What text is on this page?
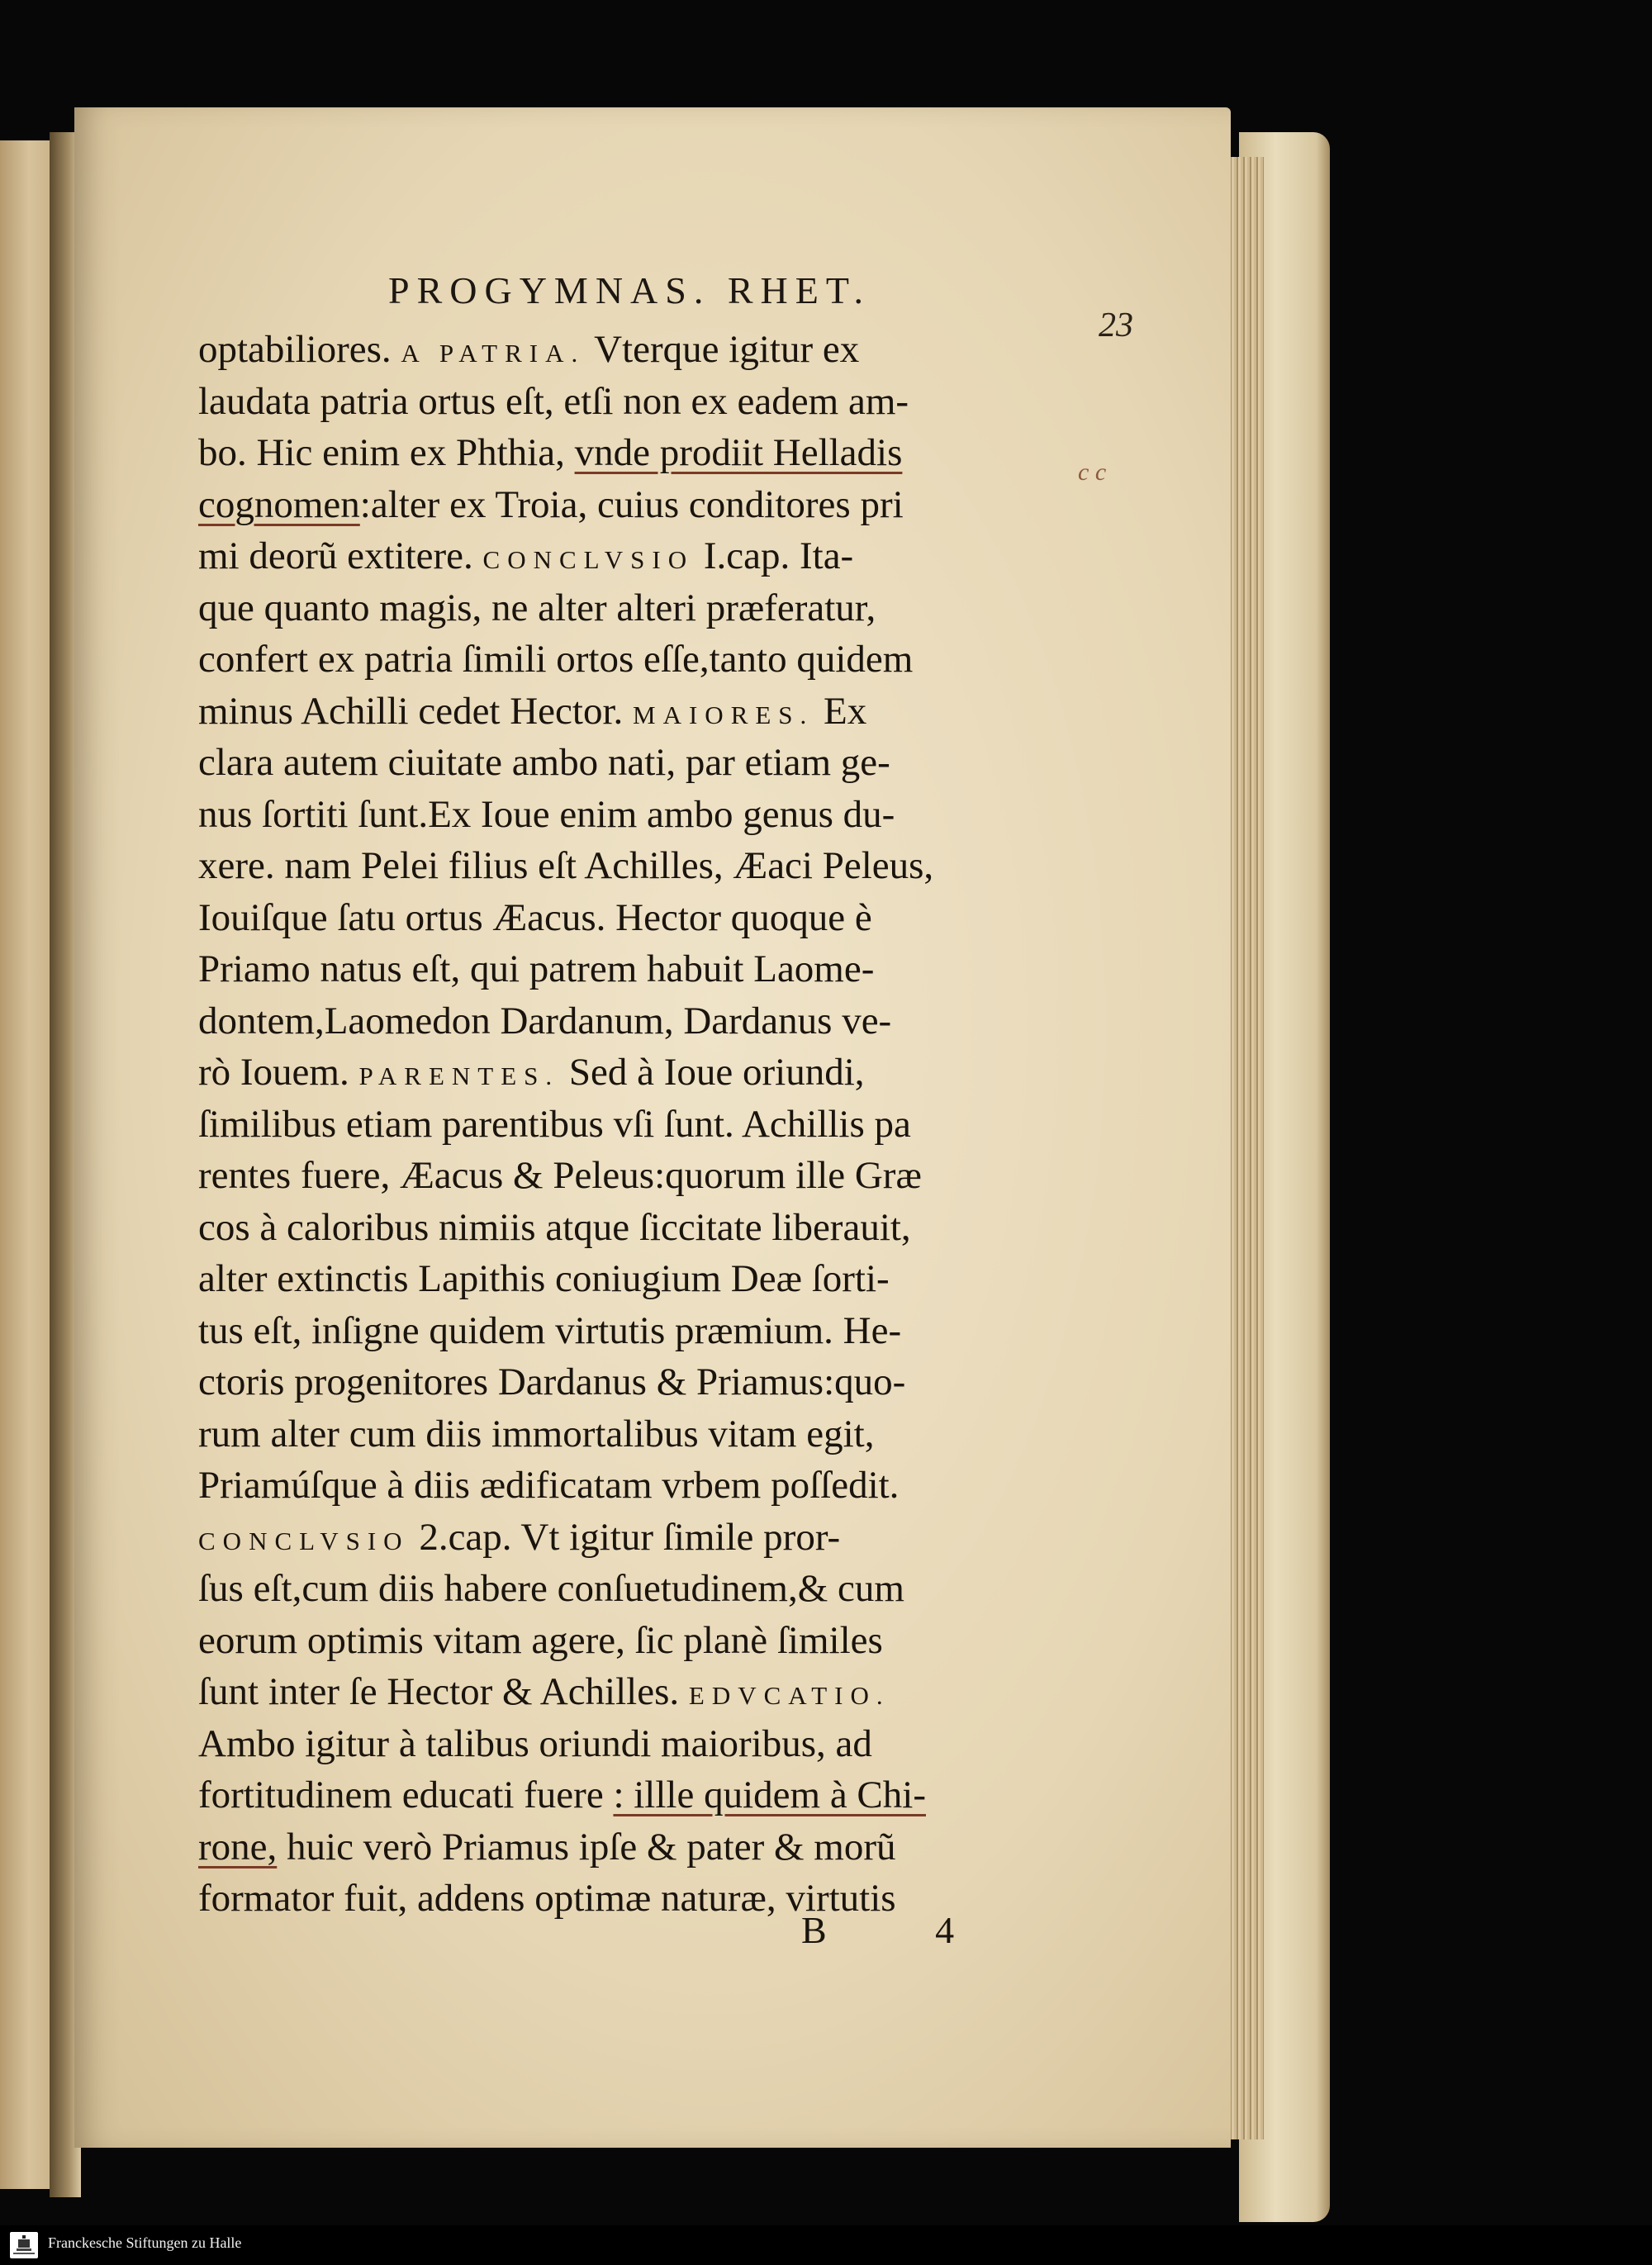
PROGYMNAS. RHET.
23
c c
optabiliores. A PATRIA. Vterque igitur ex
laudata patria ortus eſt, etſi non ex eadem am-
bo. Hic enim ex Phthia, vnde prodiit Helladis
cognomen:alter ex Troia, cuius conditores pri
mi deorũ extitere. CONCLVSIO I.cap. Ita-
que quanto magis, ne alter alteri præferatur,
confert ex patria ſimili ortos eſſe,tanto quidem
minus Achilli cedet Hector. MAIORES. Ex
clara autem ciuitate ambo nati, par etiam ge-
nus ſortiti ſunt.Ex Ioue enim ambo genus du-
xere. nam Pelei filius eſt Achilles, Æaci Peleus,
Iouiſque ſatu ortus Æacus. Hector quoque è
Priamo natus eſt, qui patrem habuit Laome-
dontem,Laomedon Dardanum, Dardanus ve-
rò Iouem. PARENTES. Sed à Ioue oriundi,
ſimilibus etiam parentibus vſi ſunt. Achillis pa
rentes fuere, Æacus & Peleus:quorum ille Græ
cos à caloribus nimiis atque ſiccitate liberauit,
alter extinctis Lapithis coniugium Deæ ſorti-
tus eſt, inſigne quidem virtutis præmium. He-
ctoris progenitores Dardanus & Priamus:quo-
rum alter cum diis immortalibus vitam egit,
Priamúſque à diis ædificatam vrbem poſſedit.
CONCLVSIO 2.cap. Vt igitur ſimile pror-
ſus eſt,cum diis habere conſuetudinem,& cum
eorum optimis vitam agere, ſic planè ſimiles
ſunt inter ſe Hector & Achilles. EDVCATIO.
Ambo igitur à talibus oriundi maioribus, ad
fortitudinem educati fuere : illle quidem à Chi-
rone, huic verò Priamus ipſe & pater & morũ
formator fuit, addens optimæ naturæ, virtutis
B 4
Franckesche Stiftungen zu Halle
